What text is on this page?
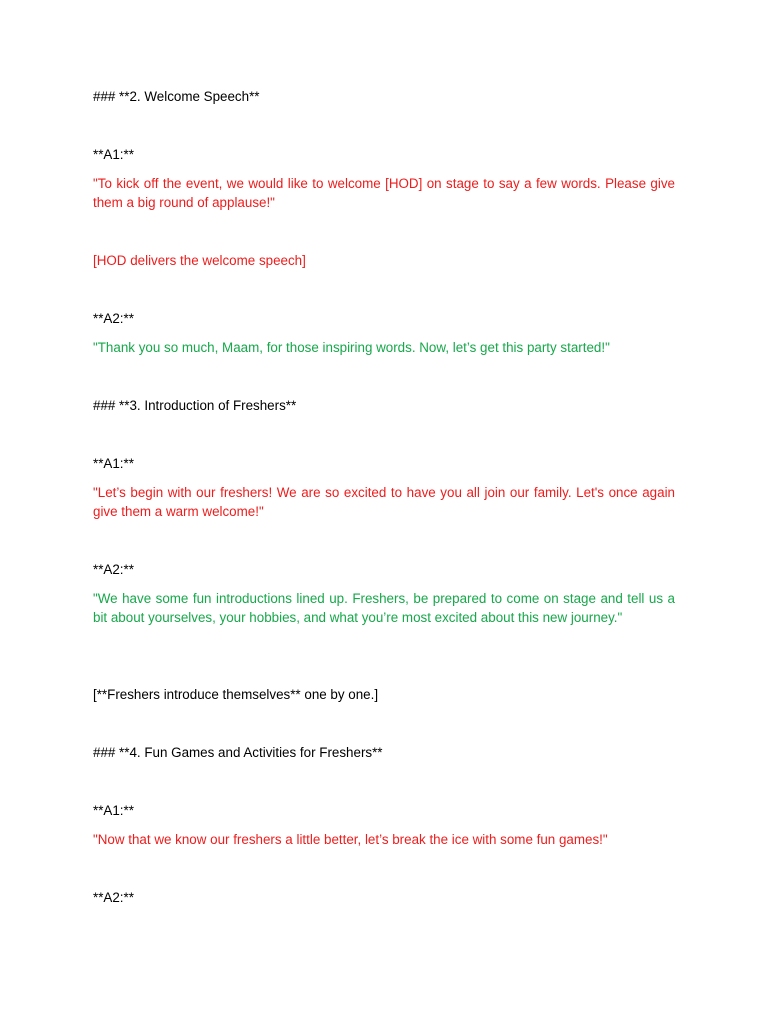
### **2. Welcome Speech**

**A1:**

"To kick off the event, we would like to welcome [HOD] on stage to say a few words. Please give them a big round of applause!"

[HOD delivers the welcome speech]

**A2:**

"Thank you so much, Maam, for those inspiring words. Now, let’s get this party started!"

### **3. Introduction of Freshers**

**A1:**

"Let’s begin with our freshers! We are so excited to have you all join our family. Let's once again give them a warm welcome!"

**A2:**

"We have some fun introductions lined up. Freshers, be prepared to come on stage and tell us a bit about yourselves, your hobbies, and what you’re most excited about this new journey."

[**Freshers introduce themselves** one by one.]

### **4. Fun Games and Activities for Freshers**

**A1:**

"Now that we know our freshers a little better, let’s break the ice with some fun games!"

**A2:**
